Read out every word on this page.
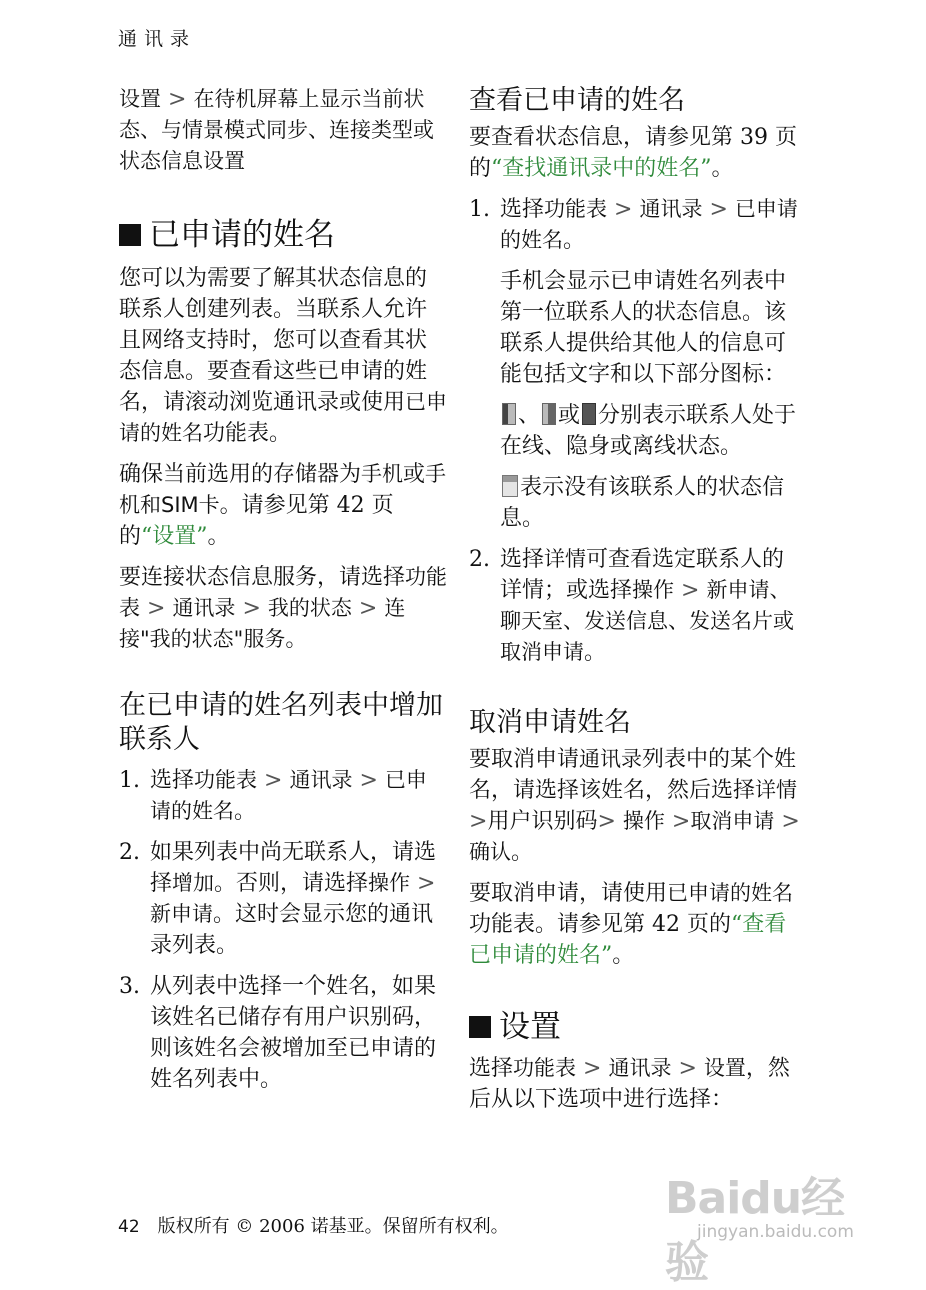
通讯录

设置 > 在待机屏幕上显示当前状态、与情景模式同步、连接类型或状态信息设置

已申请的姓名

您可以为需要了解其状态信息的联系人创建列表。当联系人允许且网络支持时，您可以查看其状态信息。要查看这些已申请的姓名，请滚动浏览通讯录或使用已申请的姓名功能表。

确保当前选用的存储器为手机或手机和SIM卡。请参见第 42 页的“设置”。

要连接状态信息服务，请选择功能表 > 通讯录 > 我的状态 > 连接"我的状态"服务。

在已申请的姓名列表中增加联系人
1. 选择功能表 > 通讯录 > 已申请的姓名。

2. 如果列表中尚无联系人，请选择增加。否则，请选择操作 > 新申请。这时会显示您的通讯录列表。

3. 从列表中选择一个姓名，如果该姓名已储存有用户识别码，则该姓名会被增加至已申请的姓名列表中。

查看已申请的姓名

要查看状态信息，请参见第 39 页的“查找通讯录中的姓名”。

1. 选择功能表 > 通讯录 > 已申请的姓名。

手机会显示已申请姓名列表中第一位联系人的状态信息。该联系人提供给其他人的信息可能包括文字和以下部分图标：

、 或 分别表示联系人处于在线、隐身或离线状态。

表示没有该联系人的状态信息。

2. 选择详情可查看选定联系人的详情；或选择操作 > 新申请、聊天室、发送信息、发送名片或取消申请。

取消申请姓名

要取消申请通讯录列表中的某个姓名，请选择该姓名，然后选择详情>用户识别码> 操作 >取消申请 > 确认。

要取消申请，请使用已申请的姓名功能表。请参见第 42 页的“查看已申请的姓名”。

设置

选择功能表 > 通讯录 > 设置，然后从以下选项中进行选择：

42 版权所有 © 2006 诺基亚。保留所有权利。
Baidu经验
jingyan.baidu.com
